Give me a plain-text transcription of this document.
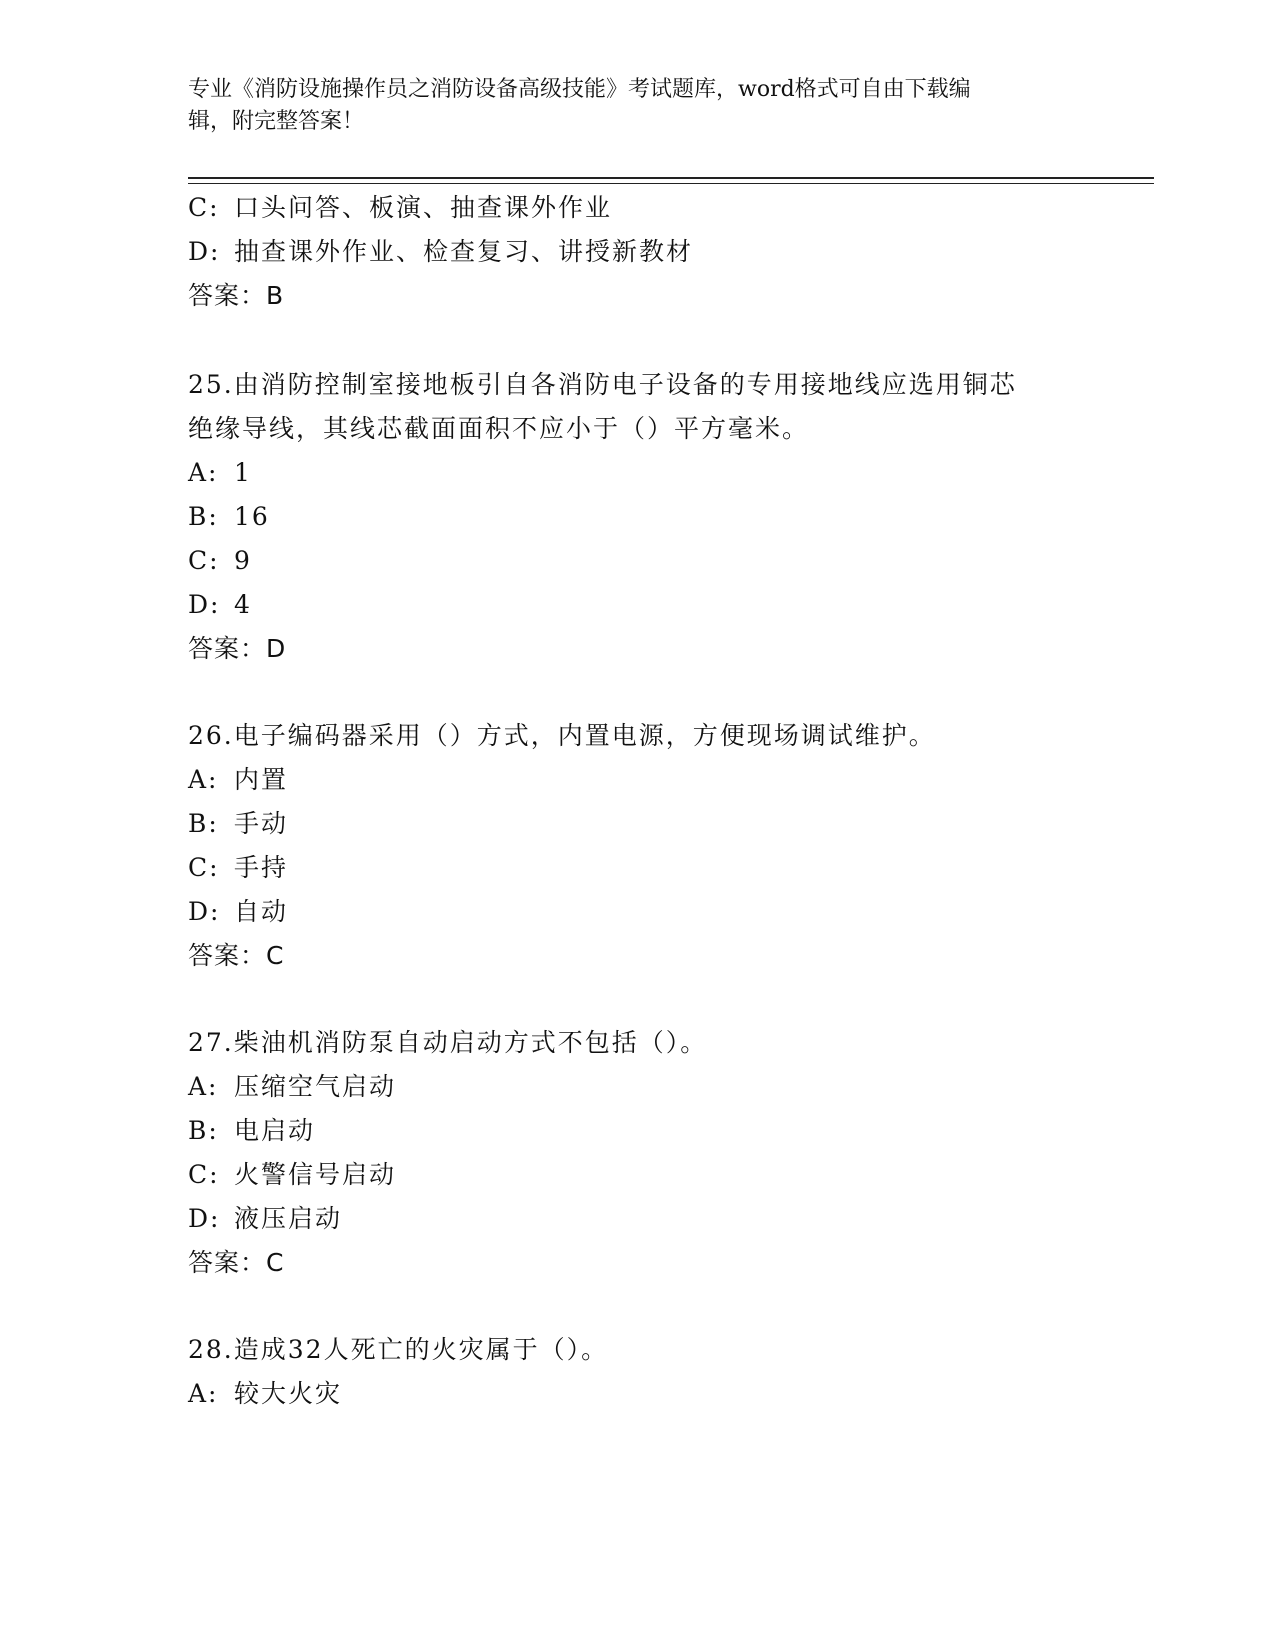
专业《消防设施操作员之消防设备高级技能》考试题库，word格式可自由下载编
辑，附完整答案！
C: 口头问答、板演、抽查课外作业
D: 抽查课外作业、检查复习、讲授新教材
答案：B
25.由消防控制室接地板引自各消防电子设备的专用接地线应选用铜芯
绝缘导线，其线芯截面面积不应小于（）平方毫米。
A: 1
B: 16
C: 9
D: 4
答案：D
26.电子编码器采用（）方式，内置电源，方便现场调试维护。
A: 内置
B: 手动
C: 手持
D: 自动
答案：C
27.柴油机消防泵自动启动方式不包括（）。
A: 压缩空气启动
B: 电启动
C: 火警信号启动
D: 液压启动
答案：C
28.造成32人死亡的火灾属于（）。
A: 较大火灾
